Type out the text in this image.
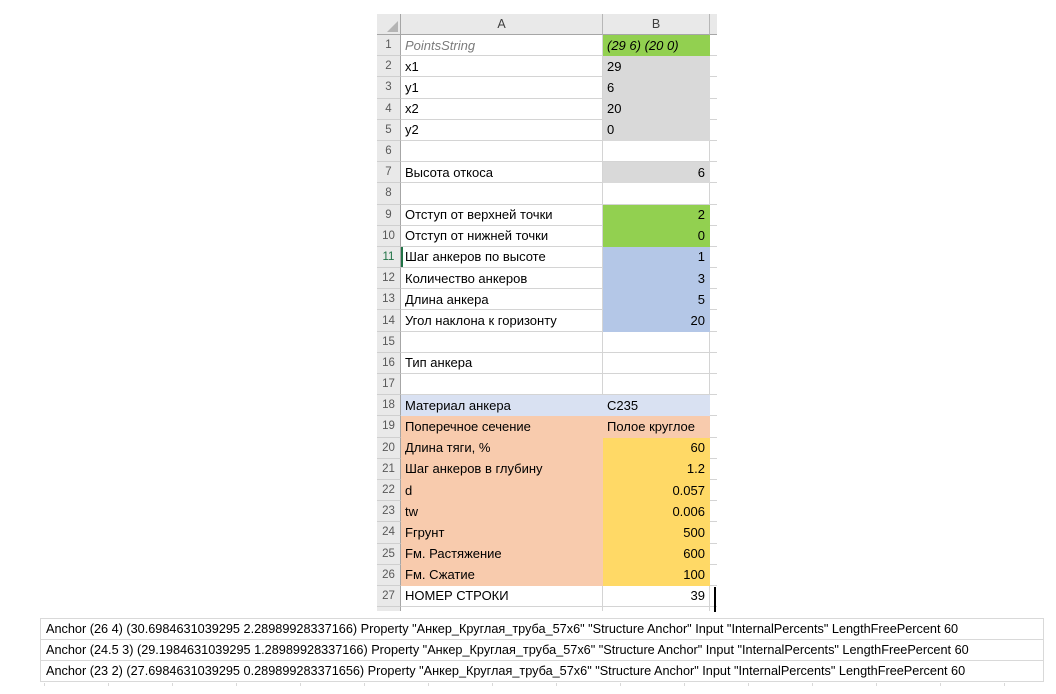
	A	B	
1	PointsString	(29 6) (20 0)	
2	x1	29	
3	y1	6	
4	x2	20	
5	y2	0	
6			
7	Высота откоса	6	
8			
9	Отступ от верхней точки	2	
10	Отступ от нижней точки	0	
11	Шаг анкеров по высоте	1	
12	Количество анкеров	3	
13	Длина анкера	5	
14	Угол наклона к горизонту	20	
15			
16	Тип анкера		
17			
18	Материал анкера	C235	
19	Поперечное сечение	Полое круглое	
20	Длина тяги, %	60	
21	Шаг анкеров в глубину	1.2	
22	d	0.057	
23	tw	0.006	
24	Fгрунт	500	
25	Fм. Растяжение	600	
26	Fм. Сжатие	100	
27	НОМЕР СТРОКИ	39	

Anchor (26 4) (30.6984631039295 2.28989928337166) Property "Анкер_Круглая_труба_57x6" "Structure Anchor" Input "InternalPercents" LengthFreePercent 60
Anchor (24.5 3) (29.1984631039295 1.28989928337166) Property "Анкер_Круглая_труба_57x6" "Structure Anchor" Input "InternalPercents" LengthFreePercent 60
Anchor (23 2) (27.6984631039295 0.289899283371656) Property "Анкер_Круглая_труба_57x6" "Structure Anchor" Input "InternalPercents" LengthFreePercent 60
